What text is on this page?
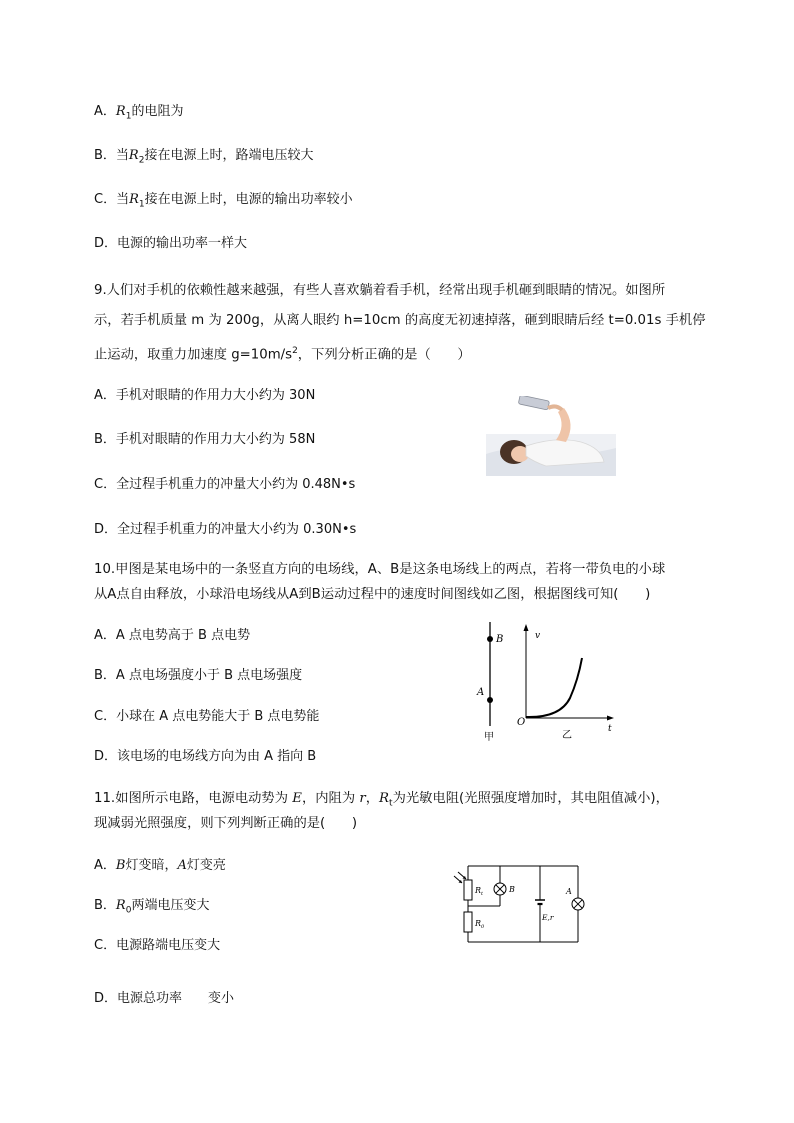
A．$R_1$的电阻为
B．当$R_2$接在电源上时，路端电压较大
C．当$R_1$接在电源上时，电源的输出功率较小
D．电源的输出功率一样大
9.人们对手机的依赖性越来越强，有些人喜欢躺着看手机，经常出现手机砸到眼睛的情况。如图所
示，若手机质量 m 为 200g，从离人眼约 h=10cm 的高度无初速掉落，砸到眼睛后经 t=0.01s 手机停
止运动，取重力加速度 $g=10m/s^2$，下列分析正确的是（　　）
A．手机对眼睛的作用力大小约为 30N
B．手机对眼睛的作用力大小约为 58N
C．全过程手机重力的冲量大小约为 0.48N•s
D．全过程手机重力的冲量大小约为 0.30N•s
10.甲图是某电场中的一条竖直方向的电场线，A、B是这条电场线上的两点，若将一带负电的小球
从A点自由释放，小球沿电场线从A到B运动过程中的速度时间图线如乙图，根据图线可知(　　)
A．A 点电势高于 B 点电势
B．A 点电场强度小于 B 点电场强度
C．小球在 A 点电势能大于 B 点电势能
D．该电场的电场线方向为由 A 指向 B
B
A
甲
v
O
t
乙
11.如图所示电路，电源电动势为 E，内阻为 r，$R_t$为光敏电阻(光照强度增加时，其电阻值减小)，
现减弱光照强度，则下列判断正确的是(　　)
A．B灯变暗，A灯变亮
B．$R_0$两端电压变大
C．电源路端电压变大
D．电源总功率 变小
$R_t$	B
$R_0$
A
E,r
